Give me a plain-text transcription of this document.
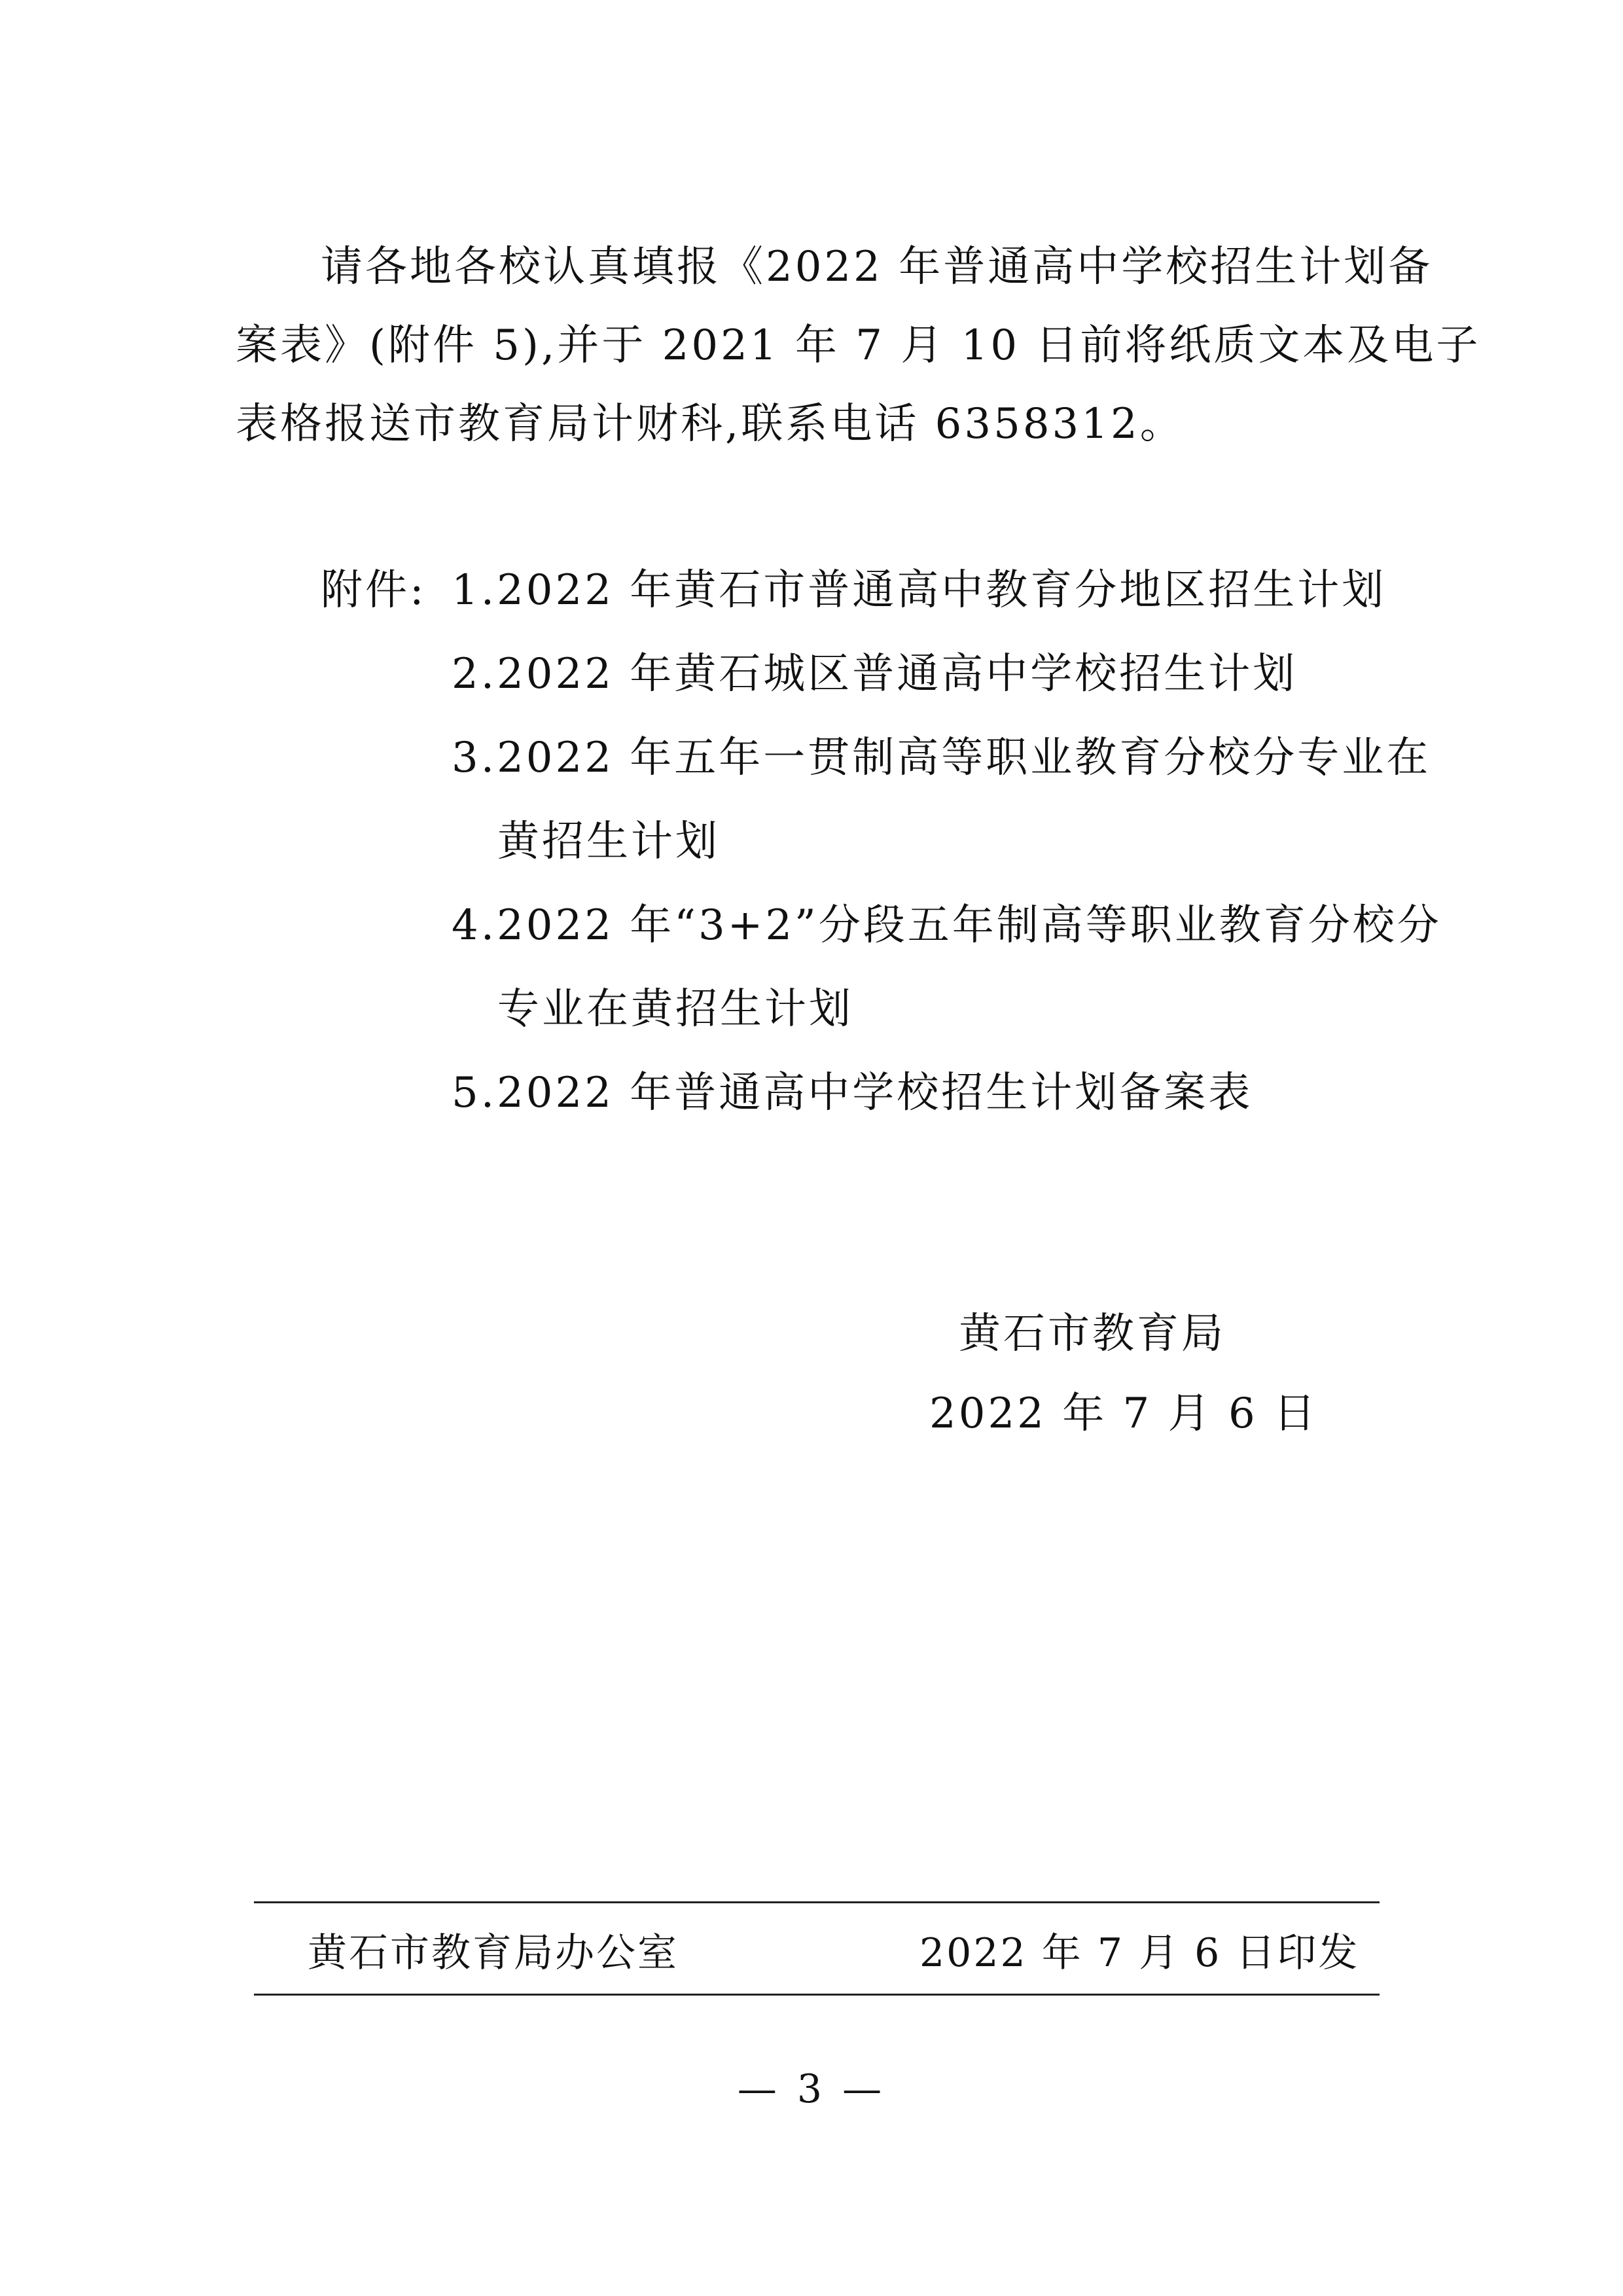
请各地各校认真填报《2022 年普通高中学校招生计划备
案表》(附件 5),并于 2021 年 7 月 10 日前将纸质文本及电子
表格报送市教育局计财科,联系电话 6358312。
附件: 1.2022 年黄石市普通高中教育分地区招生计划
2.2022 年黄石城区普通高中学校招生计划
3.2022 年五年一贯制高等职业教育分校分专业在
黄招生计划
4.2022 年“3+2”分段五年制高等职业教育分校分
专业在黄招生计划
5.2022 年普通高中学校招生计划备案表
黄石市教育局
2022 年 7 月 6 日
黄石市教育局办公室	2022 年 7 月 6 日印发
— 3 —
